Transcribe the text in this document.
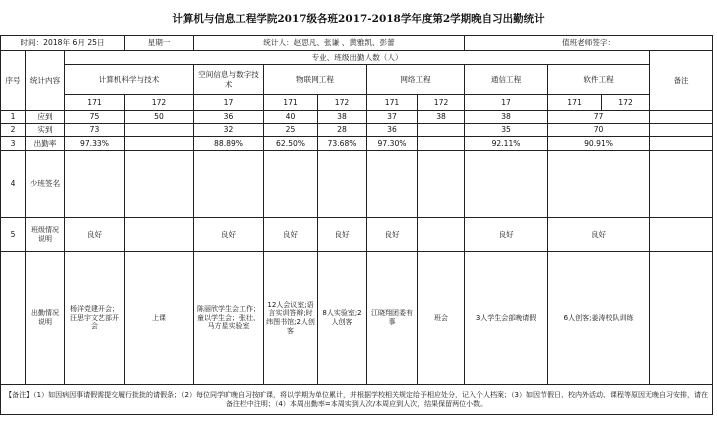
计算机与信息工程学院2017级各班2017-2018学年度第2学期晚自习出勤统计
时间：2018年 6月 25日			星期一	统计人：赵思凡、张谦 、黄雅凯、彭蕾					值班老师签字：			
序号	统计内容	专业、班级出勤人数（人）										备注
		计算机科学与技术		空间信息与数字技术	物联网工程		网络工程		通信工程	软件工程		
		171	172	17	171	172	171	172	17	171	172	
1	应到	75	50	36	40	38	37	38	38	77		
2	实到	73		32	25	28	36		35	70		
3	出勤率	97.33%		88.89%	62.50%	73.68%	97.30%		92.11%	90.91%		
4	少班签名											
5	班级情况说明	良好		良好	良好	良好	良好		良好	良好		
	出勤情况说明	杨洋党建开会；汪思宇文艺部开会	上课	陈丽欣学生会工作；童以学生会；张壮、马方星实验室	12人会议室;语言实训答辩;时纬图书馆;2人创客	8人实验室;2人创客	江晓翔团委有事	班会	3人学生会部晚请假	6人创客;姜涛校队训练		
【备注】（1）如因病因事请假需提交履行批批的请假条；（2）每位同学旷晚自习按旷课，将以学期为单位累计，并根据学校相关规定给予相应处分，记入个人档案；（3）如因节假日、校内外活动、课程等原因无晚自习安排，请在备注栏中注明；（4）本周出勤率=本周实到人次/本周应到人次，结果保留两位小数。												
